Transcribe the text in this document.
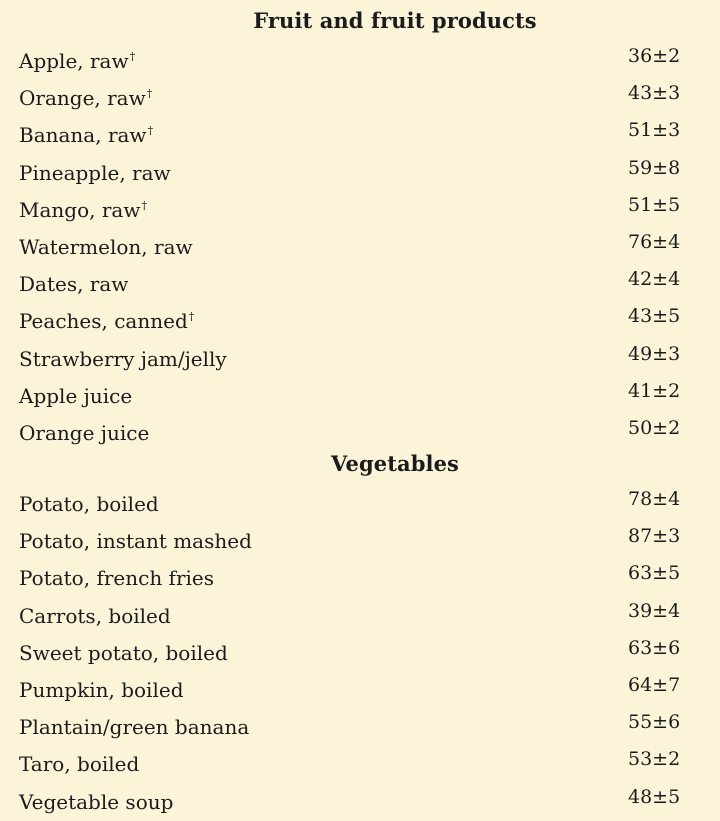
Fruit and fruit products
Apple, raw†	36±2
Orange, raw†	43±3
Banana, raw†	51±3
Pineapple, raw	59±8
Mango, raw†	51±5
Watermelon, raw	76±4
Dates, raw	42±4
Peaches, canned†	43±5
Strawberry jam/jelly	49±3
Apple juice	41±2
Orange juice	50±2
Vegetables
Potato, boiled	78±4
Potato, instant mashed	87±3
Potato, french fries	63±5
Carrots, boiled	39±4
Sweet potato, boiled	63±6
Pumpkin, boiled	64±7
Plantain/green banana	55±6
Taro, boiled	53±2
Vegetable soup	48±5
